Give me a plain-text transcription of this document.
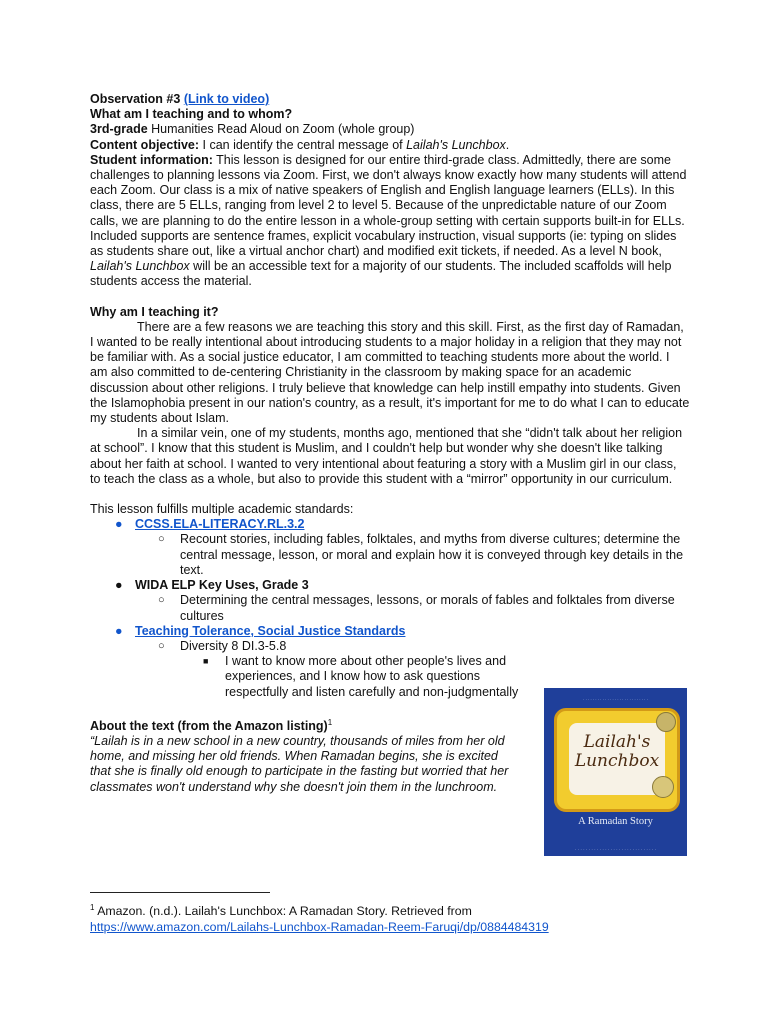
Observation #3 (Link to video)

What am I teaching and to whom?

3rd-grade Humanities Read Aloud on Zoom (whole group)

Content objective: I can identify the central message of Lailah's Lunchbox.

Student information: This lesson is designed for our entire third-grade class. Admittedly, there are some challenges to planning lessons via Zoom. First, we don't always know exactly how many students will attend each Zoom. Our class is a mix of native speakers of English and English language learners (ELLs). In this class, there are 5 ELLs, ranging from level 2 to level 5. Because of the unpredictable nature of our Zoom calls, we are planning to do the entire lesson in a whole-group setting with certain supports built-in for ELLs. Included supports are sentence frames, explicit vocabulary instruction, visual supports (ie: typing on slides as students share out, like a virtual anchor chart) and modified exit tickets, if needed. As a level N book, Lailah's Lunchbox will be an accessible text for a majority of our students. The included scaffolds will help students access the material.

Why am I teaching it?

There are a few reasons we are teaching this story and this skill. First, as the first day of Ramadan, I wanted to be really intentional about introducing students to a major holiday in a religion that they may not be familiar with. As a social justice educator, I am committed to teaching students more about the world. I am also committed to de-centering Christianity in the classroom by making space for an academic discussion about other religions. I truly believe that knowledge can help instill empathy into students. Given the Islamophobia present in our nation's country, as a result, it's important for me to do what I can to educate my students about Islam.

In a similar vein, one of my students, months ago, mentioned that she “didn't talk about her religion at school”. I know that this student is Muslim, and I couldn't help but wonder why she doesn't like talking about her faith at school. I wanted to very intentional about featuring a story with a Muslim girl in our class, to teach the class as a whole, but also to provide this student with a “mirror” opportunity in our curriculum.

This lesson fulfills multiple academic standards:

● CCSS.ELA-LITERACY.RL.3.2
○ Recount stories, including fables, folktales, and myths from diverse cultures; determine the central message, lesson, or moral and explain how it is conveyed through key details in the text.
● WIDA ELP Key Uses, Grade 3
○ Determining the central messages, lessons, or morals of fables and folktales from diverse cultures
● Teaching Tolerance, Social Justice Standards
○ Diversity 8 DI.3-5.8
■ I want to know more about other people's lives and experiences, and I know how to ask questions respectfully and listen carefully and non-judgmentally

About the text (from the Amazon listing)$^1$

“Lailah is in a new school in a new country, thousands of miles from her old home, and missing her old friends. When Ramadan begins, she is excited that she is finally old enough to participate in the fasting but worried that her classmates won't understand why she doesn't join them in the lunchroom.

· · · · · · · · · · · · · · · · · · · · · · · · · · ·
Lailah's
Lunchbox
A Ramadan Story
· · · · · · · · · · · · · · · · · · · · · · · · · · · · · ·
$^1$ Amazon. (n.d.). Lailah's Lunchbox: A Ramadan Story. Retrieved from
https://www.amazon.com/Lailahs-Lunchbox-Ramadan-Reem-Faruqi/dp/0884484319
